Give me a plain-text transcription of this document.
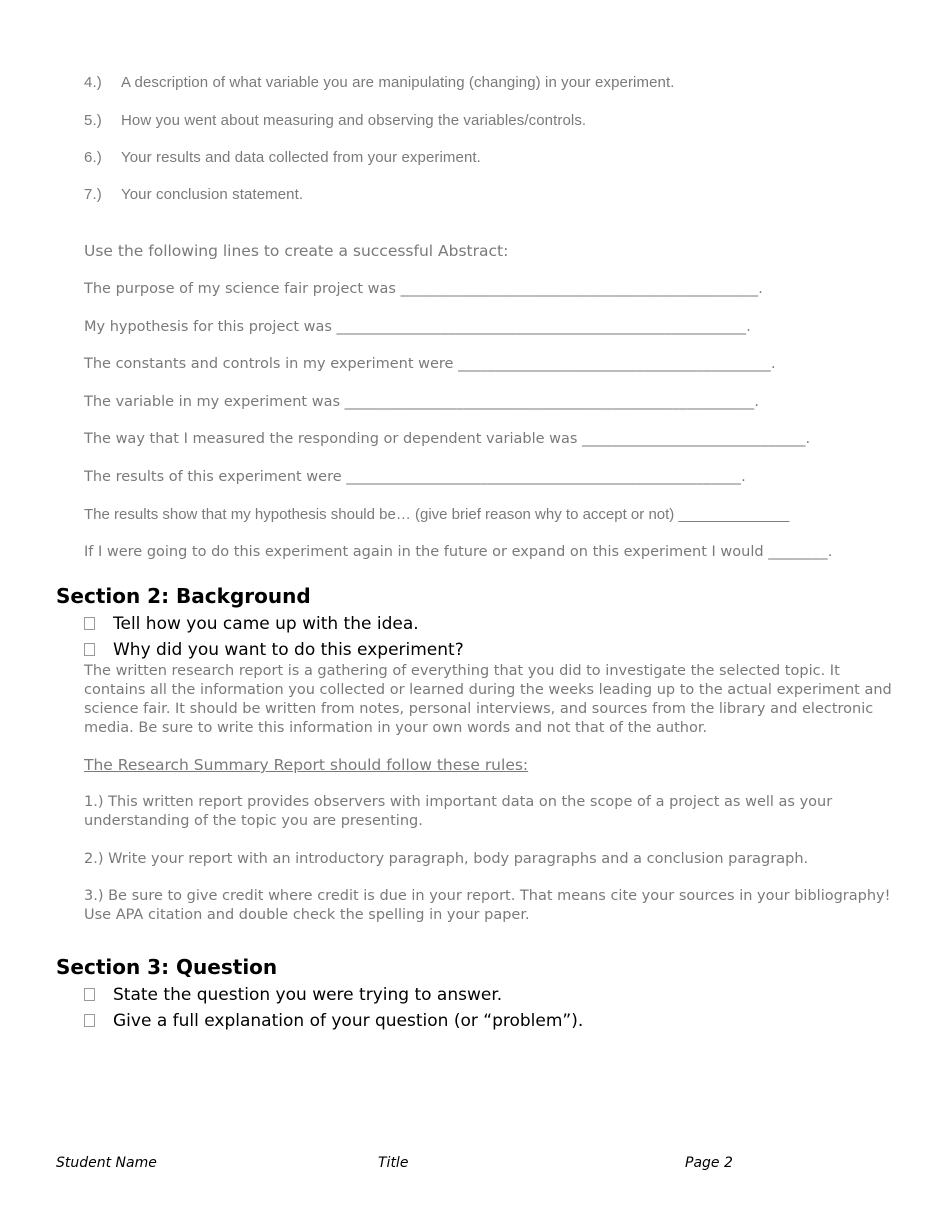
4.) A description of what variable you are manipulating (changing) in your experiment.
5.) How you went about measuring and observing the variables/controls.
6.) Your results and data collected from your experiment.
7.) Your conclusion statement.
Use the following lines to create a successful Abstract:
The purpose of my science fair project was ________________________________________________.
My hypothesis for this project was _______________________________________________________.
The constants and controls in my experiment were __________________________________________.
The variable in my experiment was _______________________________________________________.
The way that I measured the responding or dependent variable was ______________________________.
The results of this experiment were _____________________________________________________.
The results show that my hypothesis should be… (give brief reason why to accept or not) _____________
If I were going to do this experiment again in the future or expand on this experiment I would ________.
Section 2: Background
Tell how you came up with the idea.
Why did you want to do this experiment?
The written research report is a gathering of everything that you did to investigate the selected topic. It contains all the information you collected or learned during the weeks leading up to the actual experiment and science fair. It should be written from notes, personal interviews, and sources from the library and electronic media. Be sure to write this information in your own words and not that of the author.
The Research Summary Report should follow these rules:
1.) This written report provides observers with important data on the scope of a project as well as your understanding of the topic you are presenting.
2.) Write your report with an introductory paragraph, body paragraphs and a conclusion paragraph.
3.) Be sure to give credit where credit is due in your report. That means cite your sources in your bibliography! Use APA citation and double check the spelling in your paper.
Section 3: Question
State the question you were trying to answer.
Give a full explanation of your question (or “problem”).
Student Name	Title	Page 2
